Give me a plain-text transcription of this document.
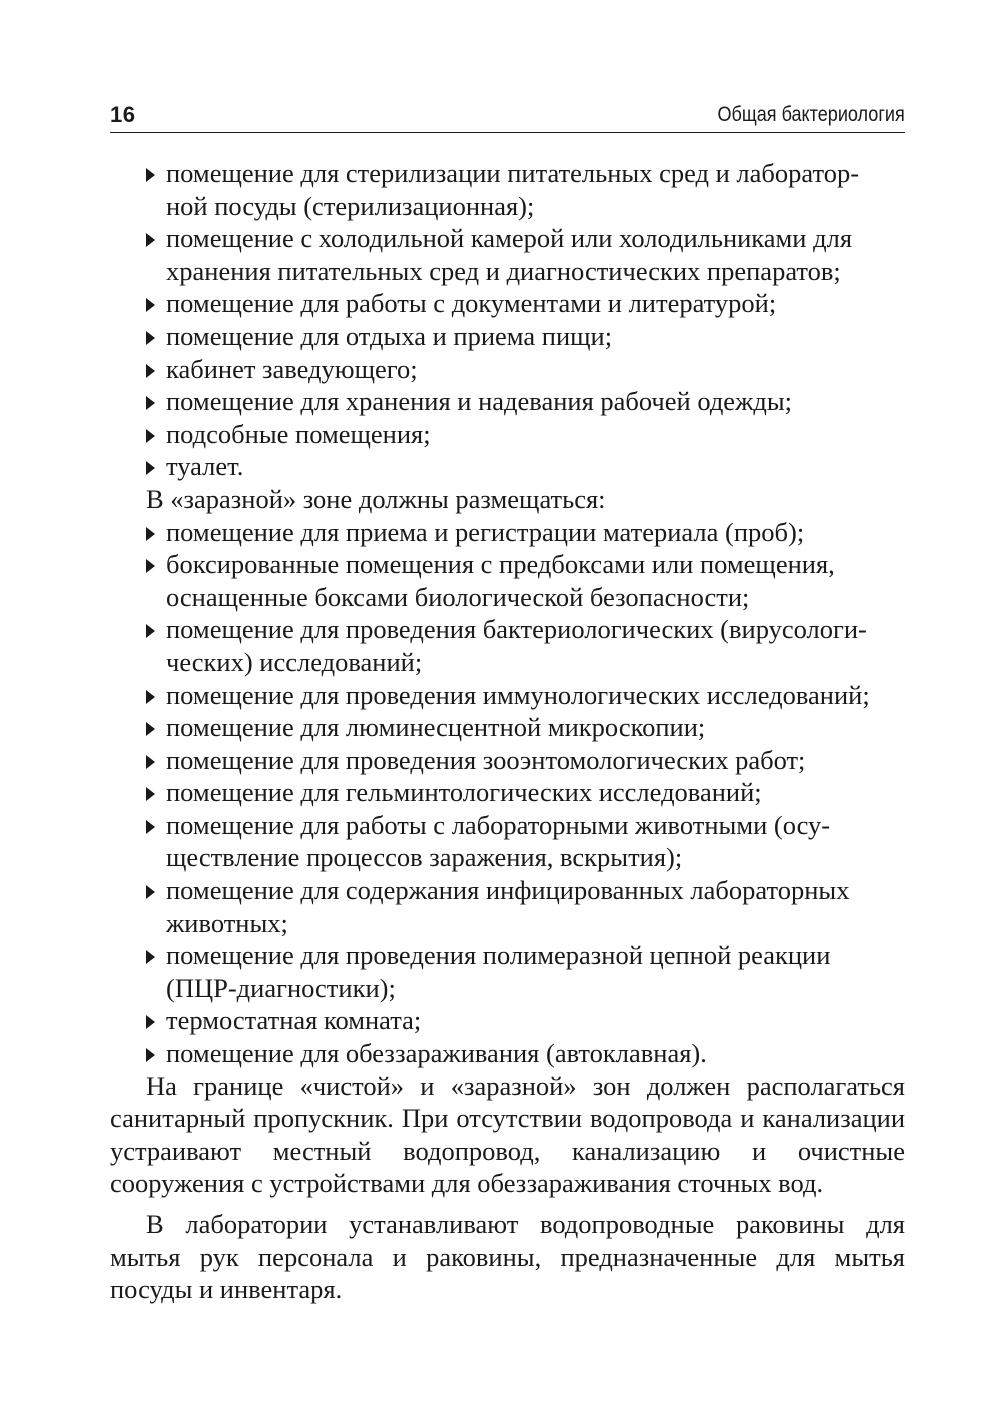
16	Общая бактериология
помещение для стерилизации питательных сред и лаборатор-
ной посуды (стерилизационная);
помещение с холодильной камерой или холодильниками для
хранения питательных сред и диагностических препаратов;
помещение для работы с документами и литературой;
помещение для отдыха и приема пищи;
кабинет заведующего;
помещение для хранения и надевания рабочей одежды;
подсобные помещения;
туалет.

В «заразной» зоне должны размещаться:

помещение для приема и регистрации материала (проб);
боксированные помещения с предбоксами или помещения,
оснащенные боксами биологической безопасности;
помещение для проведения бактериологических (вирусологи-
ческих) исследований;
помещение для проведения иммунологических исследований;
помещение для люминесцентной микроскопии;
помещение для проведения зооэнтомологических работ;
помещение для гельминтологических исследований;
помещение для работы с лабораторными животными (осу-
ществление процессов заражения, вскрытия);
помещение для содержания инфицированных лабораторных
животных;
помещение для проведения полимеразной цепной реакции
(ПЦР-диагностики);
термостатная комната;
помещение для обеззараживания (автоклавная).

На границе «чистой» и «заразной» зон должен располагаться санитарный пропускник. При отсутствии водопровода и канализации устраивают местный водопровод, канализацию и очистные сооружения с устройствами для обеззараживания сточных вод.

В лаборатории устанавливают водопроводные раковины для мытья рук персонала и раковины, предназначенные для мытья посуды и инвентаря.
